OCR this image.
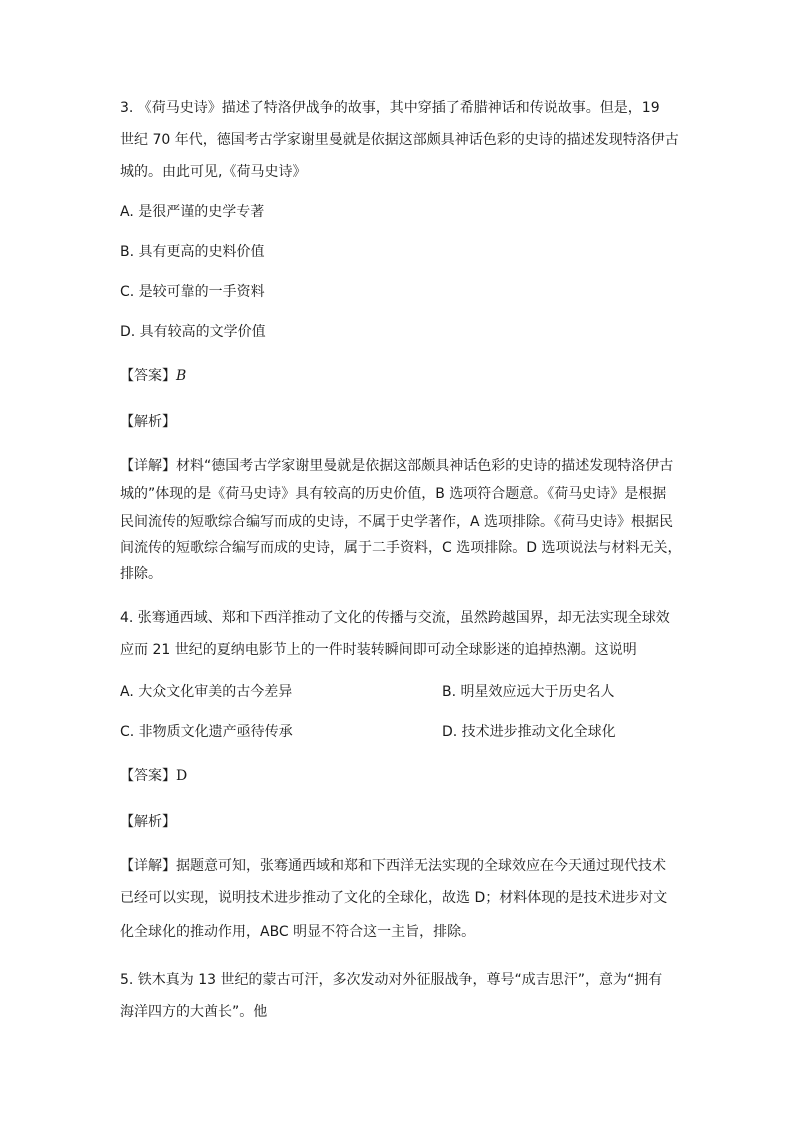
3. 《荷马史诗》描述了特洛伊战争的故事，其中穿插了希腊神话和传说故事。但是，19
世纪 70 年代，德国考古学家谢里曼就是依据这部颇具神话色彩的史诗的描述发现特洛伊古
城的。由此可见,《荷马史诗》
A. 是很严谨的史学专著
B. 具有更高的史料价值
C. 是较可靠的一手资料
D. 具有较高的文学价值
【答案】B
【解析】
【详解】材料“德国考古学家谢里曼就是依据这部颇具神话色彩的史诗的描述发现特洛伊古
城的”体现的是《荷马史诗》具有较高的历史价值，B 选项符合题意。《荷马史诗》是根据
民间流传的短歌综合编写而成的史诗，不属于史学著作，A 选项排除。《荷马史诗》根据民
间流传的短歌综合编写而成的史诗，属于二手资料，C 选项排除。D 选项说法与材料无关，
排除。
4. 张骞通西域、郑和下西洋推动了文化的传播与交流，虽然跨越国界，却无法实现全球效
应而 21 世纪的夏纳电影节上的一件时装转瞬间即可动全球影迷的追掉热潮。这说明
A. 大众文化审美的古今差异	B. 明星效应远大于历史名人
C. 非物质文化遗产亟待传承	D. 技术进步推动文化全球化
【答案】D
【解析】
【详解】据题意可知，张骞通西域和郑和下西洋无法实现的全球效应在今天通过现代技术
已经可以实现，说明技术进步推动了文化的全球化，故选 D；材料体现的是技术进步对文
化全球化的推动作用，ABC 明显不符合这一主旨，排除。
5. 铁木真为 13 世纪的蒙古可汗，多次发动对外征服战争，尊号“成吉思汗”，意为“拥有
海洋四方的大酋长”。他
